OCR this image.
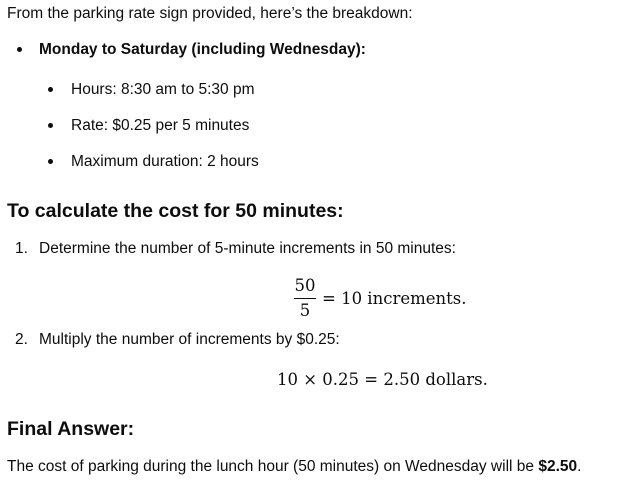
From the parking rate sign provided, here’s the breakdown:
Monday to Saturday (including Wednesday):
Hours: 8:30 am to 5:30 pm
Rate: $0.25 per 5 minutes
Maximum duration: 2 hours
To calculate the cost for 50 minutes:
1. Determine the number of 5-minute increments in 50 minutes:
50
5
= 10 increments.
2. Multiply the number of increments by $0.25:
10 × 0.25 = 2.50 dollars.
Final Answer:
The cost of parking during the lunch hour (50 minutes) on Wednesday will be $2.50.
